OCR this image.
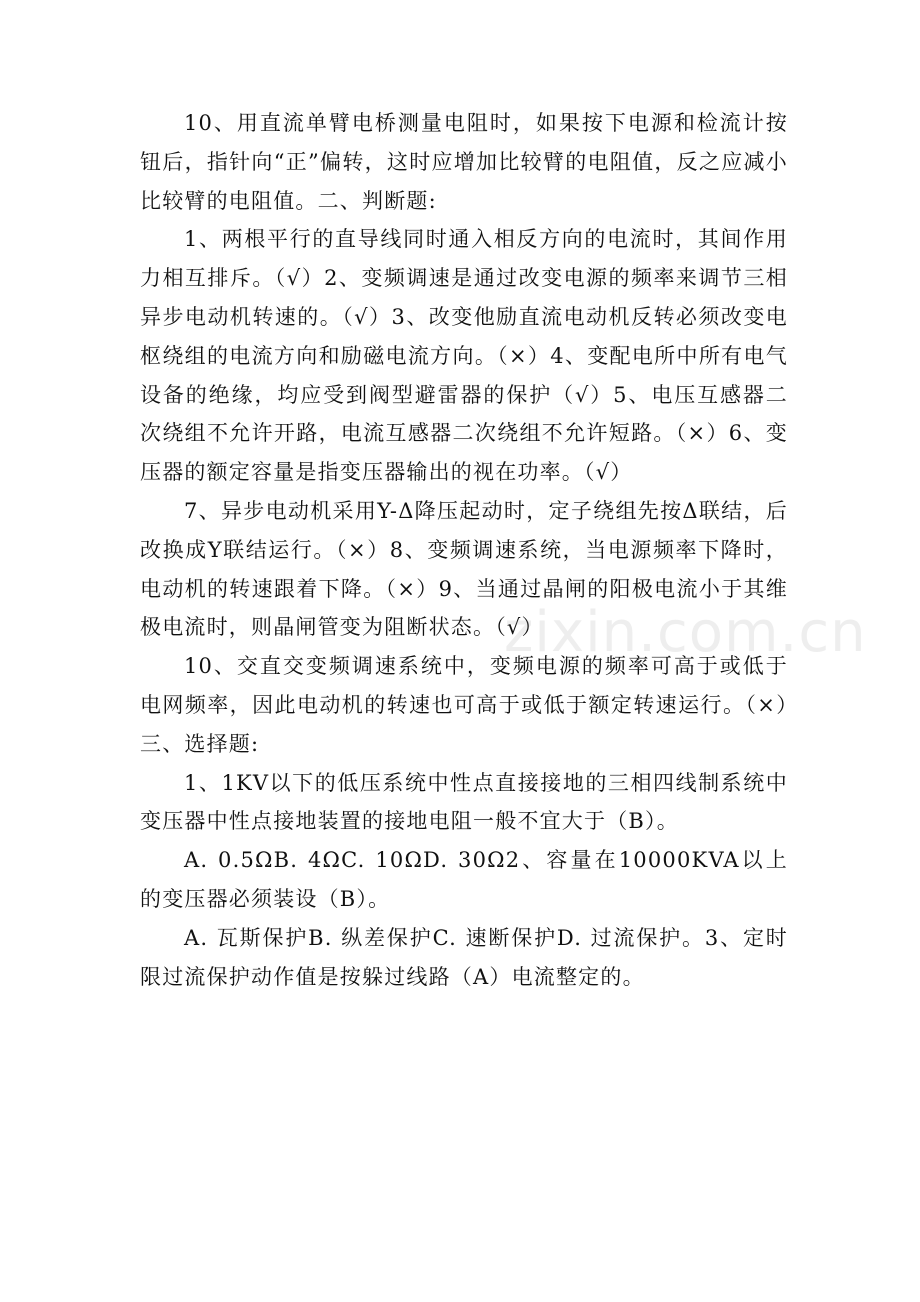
10、用直流单臂电桥测量电阻时，如果按下电源和检流计按钮后，指针向“正”偏转，这时应增加比较臂的电阻值，反之应减小比较臂的电阻值。二、判断题:

1、两根平行的直导线同时通入相反方向的电流时，其间作用力相互排斥。（√）2、变频调速是通过改变电源的频率来调节三相异步电动机转速的。（√）3、改变他励直流电动机反转必须改变电枢绕组的电流方向和励磁电流方向。（×）4、变配电所中所有电气设备的绝缘，均应受到阀型避雷器的保护（√）5、电压互感器二次绕组不允许开路，电流互感器二次绕组不允许短路。（×）6、变压器的额定容量是指变压器输出的视在功率。（√）

7、异步电动机采用Y-Δ降压起动时，定子绕组先按Δ联结，后改换成Y联结运行。（×）8、变频调速系统，当电源频率下降时，电动机的转速跟着下降。（×）9、当通过晶闸的阳极电流小于其维极电流时，则晶闸管变为阻断状态。（√）

10、交直交变频调速系统中，变频电源的频率可高于或低于电网频率，因此电动机的转速也可高于或低于额定转速运行。（×）三、选择题:

1、1KV以下的低压系统中性点直接接地的三相四线制系统中变压器中性点接地装置的接地电阻一般不宜大于（B）。

A. 0.5ΩB. 4ΩC. 10ΩD. 30Ω2、容量在10000KVA以上的变压器必须装设（B）。

A. 瓦斯保护B. 纵差保护C. 速断保护D. 过流保护。3、定时限过流保护动作值是按躲过线路（A）电流整定的。

zixin.com.cn
